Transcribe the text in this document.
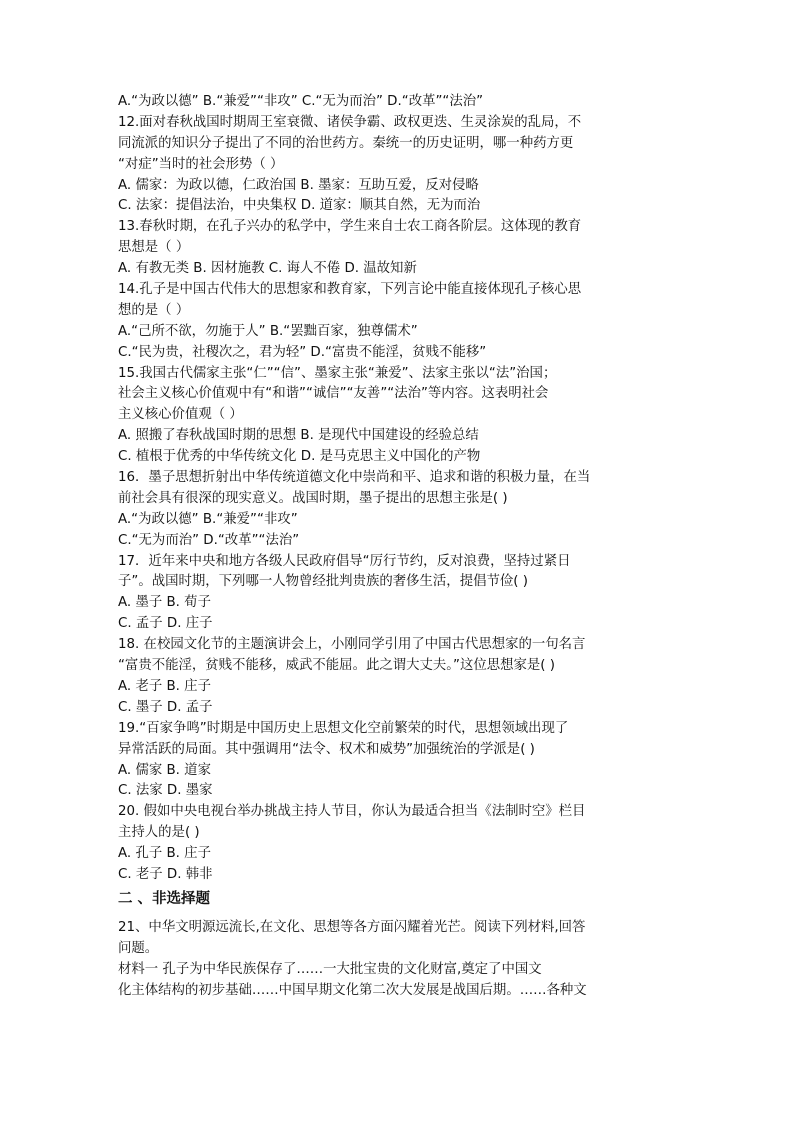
A.“为政以德” B.“兼爱”“非攻” C.“无为而治” D.“改革”“法治”
12.面对春秋战国时期周王室衰微、诸侯争霸、政权更迭、生灵涂炭的乱局，不
同流派的知识分子提出了不同的治世药方。秦统一的历史证明，哪一种药方更
“对症”当时的社会形势（ ）
A. 儒家：为政以德，仁政治国 B. 墨家：互助互爱，反对侵略
C. 法家：提倡法治，中央集权 D. 道家：顺其自然，无为而治
13.春秋时期，在孔子兴办的私学中，学生来自士农工商各阶层。这体现的教育
思想是（ ）
A. 有教无类 B. 因材施教 C. 诲人不倦 D. 温故知新
14.孔子是中国古代伟大的思想家和教育家，下列言论中能直接体现孔子核心思
想的是（ ）
A.“己所不欲，勿施于人” B.“罢黜百家，独尊儒术”
C.“民为贵，社稷次之，君为轻” D.“富贵不能淫，贫贱不能移”
15.我国古代儒家主张“仁”“信”、墨家主张“兼爱”、法家主张以“法”治国；
社会主义核心价值观中有“和谐”“诚信”“友善”“法治”等内容。这表明社会
主义核心价值观（ ）
A. 照搬了春秋战国时期的思想 B. 是现代中国建设的经验总结
C. 植根于优秀的中华传统文化 D. 是马克思主义中国化的产物
16．墨子思想折射出中华传统道德文化中崇尚和平、追求和谐的积极力量，在当
前社会具有很深的现实意义。战国时期，墨子提出的思想主张是( )
A.“为政以德” B.“兼爱”“非攻”
C.“无为而治” D.“改革”“法治”
17．近年来中央和地方各级人民政府倡导“厉行节约，反对浪费，坚持过紧日
子”。战国时期，下列哪一人物曾经批判贵族的奢侈生活，提倡节俭( )
A. 墨子 B. 荀子
C. 孟子 D. 庄子
18. 在校园文化节的主题演讲会上，小刚同学引用了中国古代思想家的一句名言
“富贵不能淫，贫贱不能移，威武不能屈。此之谓大丈夫。”这位思想家是( )
A. 老子 B. 庄子
C. 墨子 D. 孟子
19.“百家争鸣”时期是中国历史上思想文化空前繁荣的时代，思想领域出现了
异常活跃的局面。其中强调用“法令、权术和威势”加强统治的学派是( )
A. 儒家 B. 道家
C. 法家 D. 墨家
20. 假如中央电视台举办挑战主持人节目，你认为最适合担当《法制时空》栏目
主持人的是( )
A. 孔子 B. 庄子
C. 老子 D. 韩非
二 、非选择题
21、中华文明源远流长,在文化、思想等各方面闪耀着光芒。阅读下列材料,回答
问题。
材料一 孔子为中华民族保存了……一大批宝贵的文化财富,奠定了中国文
化主体结构的初步基础……中国早期文化第二次大发展是战国后期。……各种文
